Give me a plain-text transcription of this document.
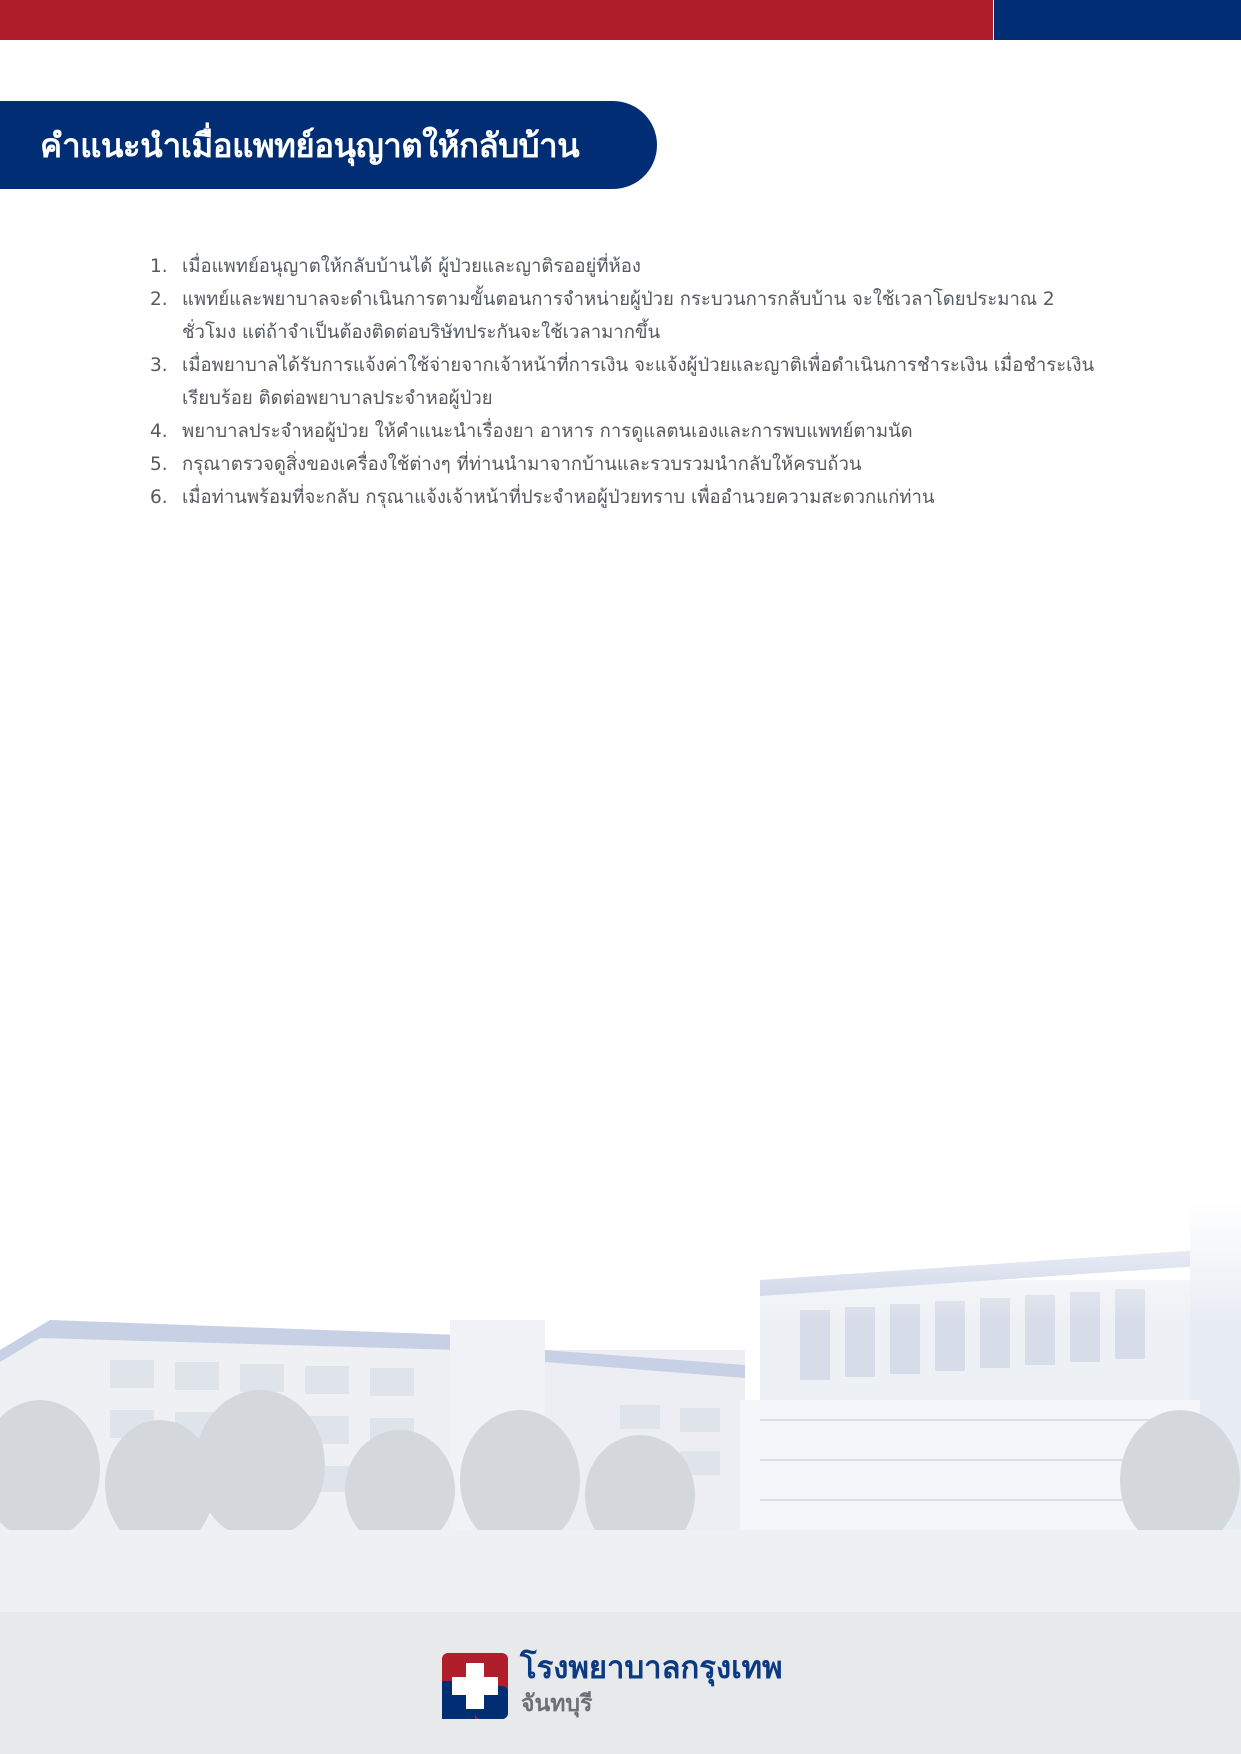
คำแนะนำเมื่อแพทย์อนุญาตให้กลับบ้าน
1. เมื่อแพทย์อนุญาตให้กลับบ้านได้ ผู้ป่วยและญาติรออยู่ที่ห้อง
2. แพทย์และพยาบาลจะดำเนินการตามขั้นตอนการจำหน่ายผู้ป่วย กระบวนการกลับบ้าน จะใช้เวลาโดยประมาณ 2 ชั่วโมง แต่ถ้าจำเป็นต้องติดต่อบริษัทประกันจะใช้เวลามากขึ้น
3. เมื่อพยาบาลได้รับการแจ้งค่าใช้จ่ายจากเจ้าหน้าที่การเงิน จะแจ้งผู้ป่วยและญาติเพื่อดำเนินการชำระเงิน เมื่อชำระเงินเรียบร้อย ติดต่อพยาบาลประจำหอผู้ป่วย
4. พยาบาลประจำหอผู้ป่วย ให้คำแนะนำเรื่องยา อาหาร การดูแลตนเองและการพบแพทย์ตามนัด
5. กรุณาตรวจดูสิ่งของเครื่องใช้ต่างๆ ที่ท่านนำมาจากบ้านและรวบรวมนำกลับให้ครบถ้วน
6. เมื่อท่านพร้อมที่จะกลับ กรุณาแจ้งเจ้าหน้าที่ประจำหอผู้ป่วยทราบ เพื่ออำนวยความสะดวกแก่ท่าน
โรงพยาบาลกรุงเทพ
จันทบุรี
